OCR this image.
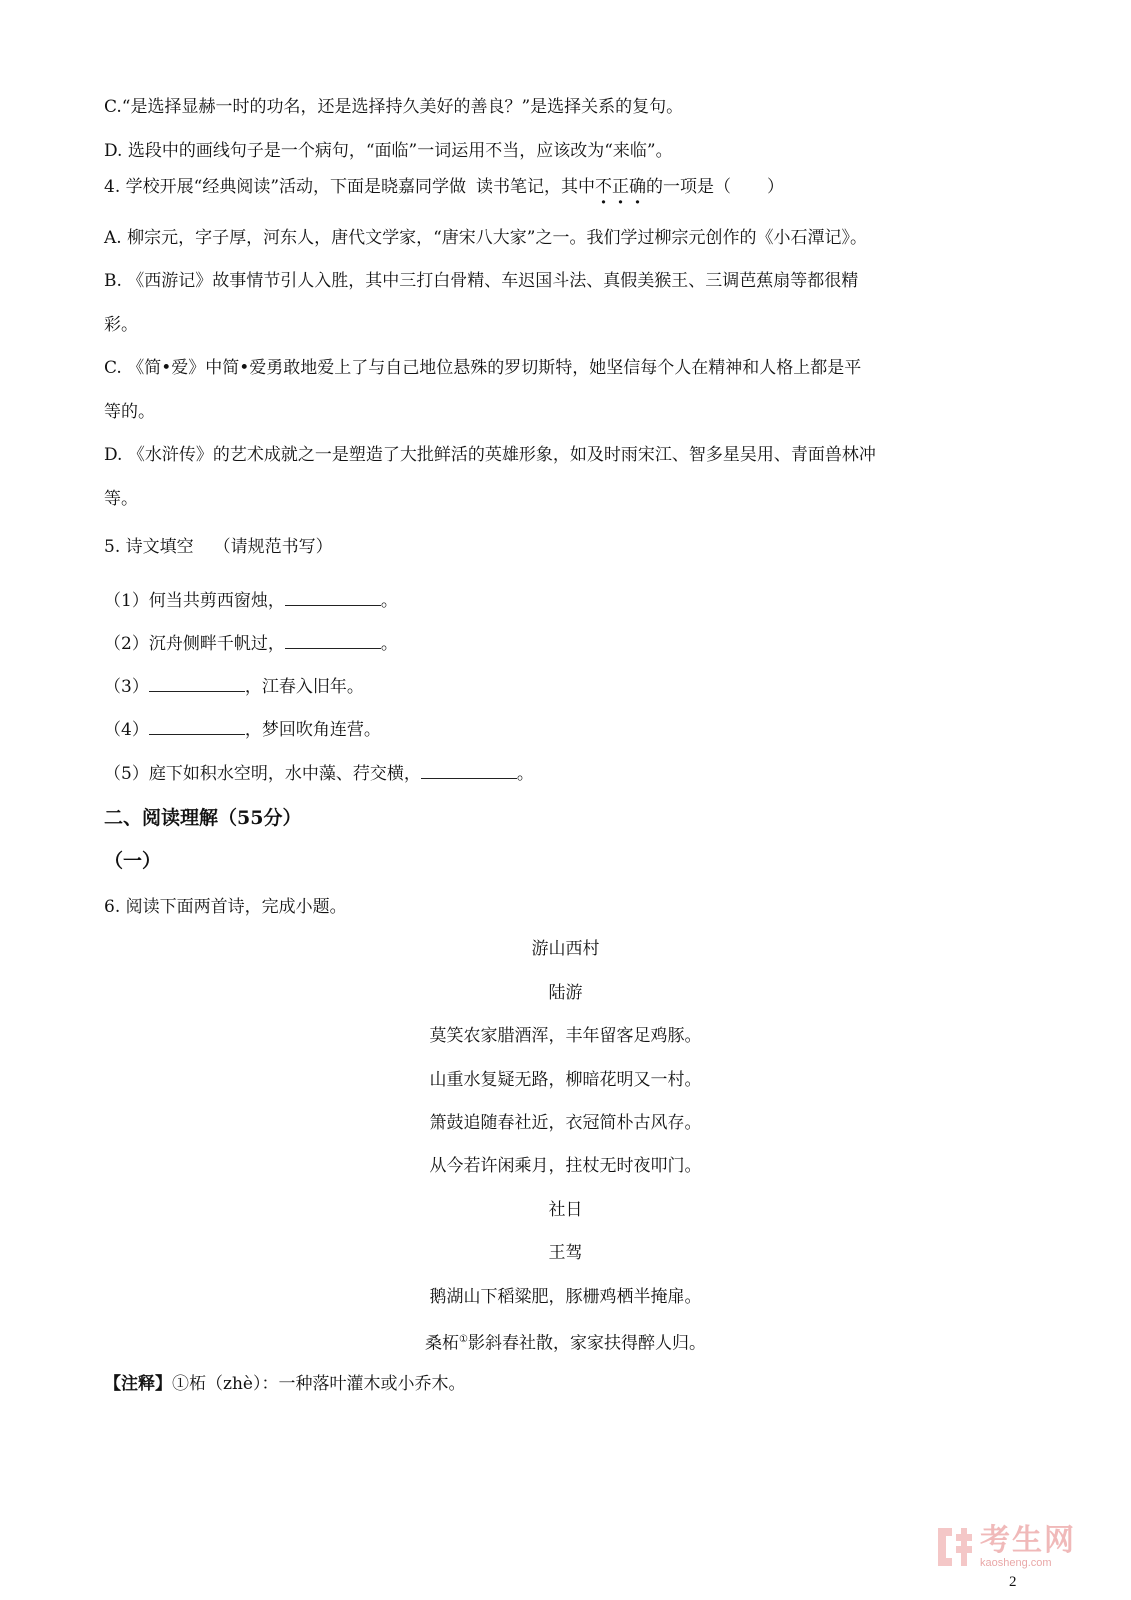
C.“是选择显赫一时的功名，还是选择持久美好的善良？”是选择关系的复句。
D. 选段中的画线句子是一个病句，“面临”一词运用不当，应该改为“来临”。
4. 学校开展“经典阅读”活动，下面是晓嘉同学做 读书笔记，其中不正确的一项是（ ）
A. 柳宗元，字子厚，河东人，唐代文学家，“唐宋八大家”之一。我们学过柳宗元创作的《小石潭记》。
B. 《西游记》故事情节引人入胜，其中三打白骨精、车迟国斗法、真假美猴王、三调芭蕉扇等都很精
彩。
C. 《简•爱》中简•爱勇敢地爱上了与自己地位悬殊的罗切斯特，她坚信每个人在精神和人格上都是平
等的。
D. 《水浒传》的艺术成就之一是塑造了大批鲜活的英雄形象，如及时雨宋江、智多星吴用、青面兽林冲
等。
5. 诗文填空 （请规范书写）
（1）何当共剪西窗烛，	。
（2）沉舟侧畔千帆过，	。
（3）	，江春入旧年。
（4）	，梦回吹角连营。
（5）庭下如积水空明，水中藻、荇交横，	。
二、阅读理解（55分）
（一）
6. 阅读下面两首诗，完成小题。
游山西村
陆游
莫笑农家腊酒浑，丰年留客足鸡豚。
山重水复疑无路，柳暗花明又一村。
箫鼓追随春社近，衣冠简朴古风存。
从今若许闲乘月，拄杖无时夜叩门。
社日
王驾
鹅湖山下稻粱肥，豚栅鸡栖半掩扉。
桑柘①影斜春社散，家家扶得醉人归。
【注释】①柘（zhè）：一种落叶灌木或小乔木。
考生网
kaosheng.com
2
